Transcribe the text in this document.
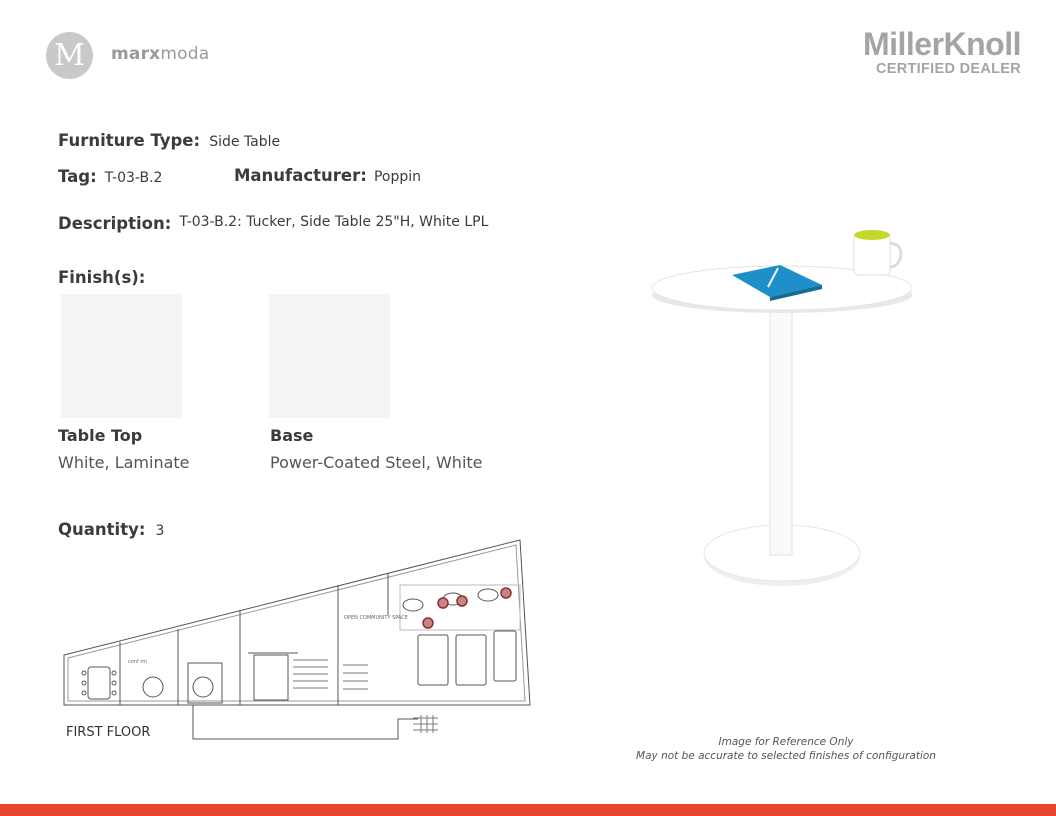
M	marxmoda	MillerKnoll
CERTIFIED DEALER
Furniture Type: Side Table
Tag: T-03-B.2	Manufacturer: Poppin
Description: T-03-B.2: Tucker, Side Table 25"H, White LPL
Finish(s):
Table Top
White, Laminate
Base
Power-Coated Steel, White
Quantity: 3
OPEN COMMUNITY SPACE
conf rm
FIRST FLOOR
Image for Reference Only
May not be accurate to selected finishes of configuration
